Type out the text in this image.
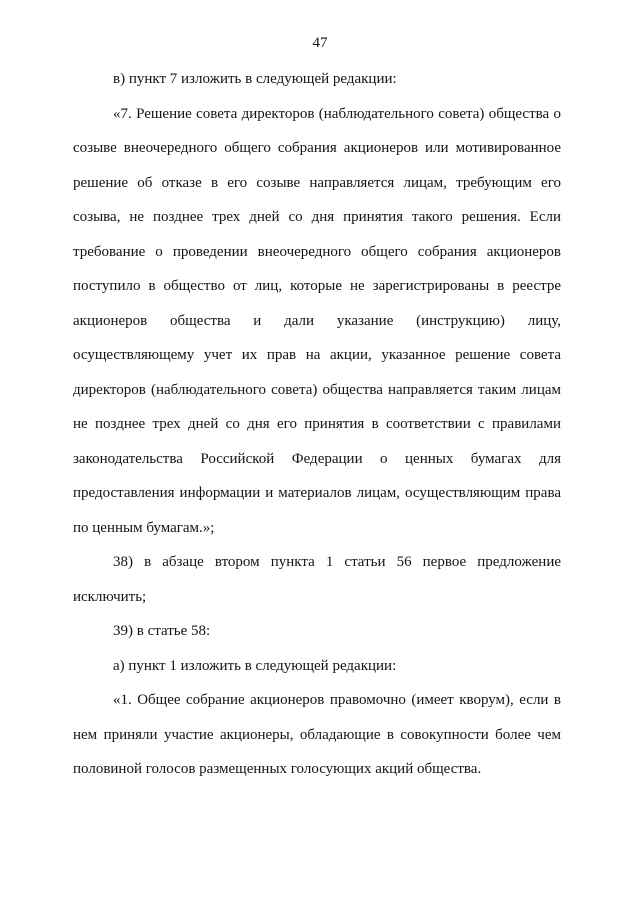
47

в) пункт 7 изложить в следующей редакции:

«7. Решение совета директоров (наблюдательного совета) общества о созыве внеочередного общего собрания акционеров или мотивированное решение об отказе в его созыве направляется лицам, требующим его созыва, не позднее трех дней со дня принятия такого решения. Если требование о проведении внеочередного общего собрания акционеров поступило в общество от лиц, которые не зарегистрированы в реестре акционеров общества и дали указание (инструкцию) лицу, осуществляющему учет их прав на акции, указанное решение совета директоров (наблюдательного совета) общества направляется таким лицам не позднее трех дней со дня его принятия в соответствии с правилами законодательства Российской Федерации о ценных бумагах для предоставления информации и материалов лицам, осуществляющим права по ценным бумагам.»;

38) в абзаце втором пункта 1 статьи 56 первое предложение исключить;

39) в статье 58:

а) пункт 1 изложить в следующей редакции:

«1. Общее собрание акционеров правомочно (имеет кворум), если в нем приняли участие акционеры, обладающие в совокупности более чем половиной голосов размещенных голосующих акций общества.
